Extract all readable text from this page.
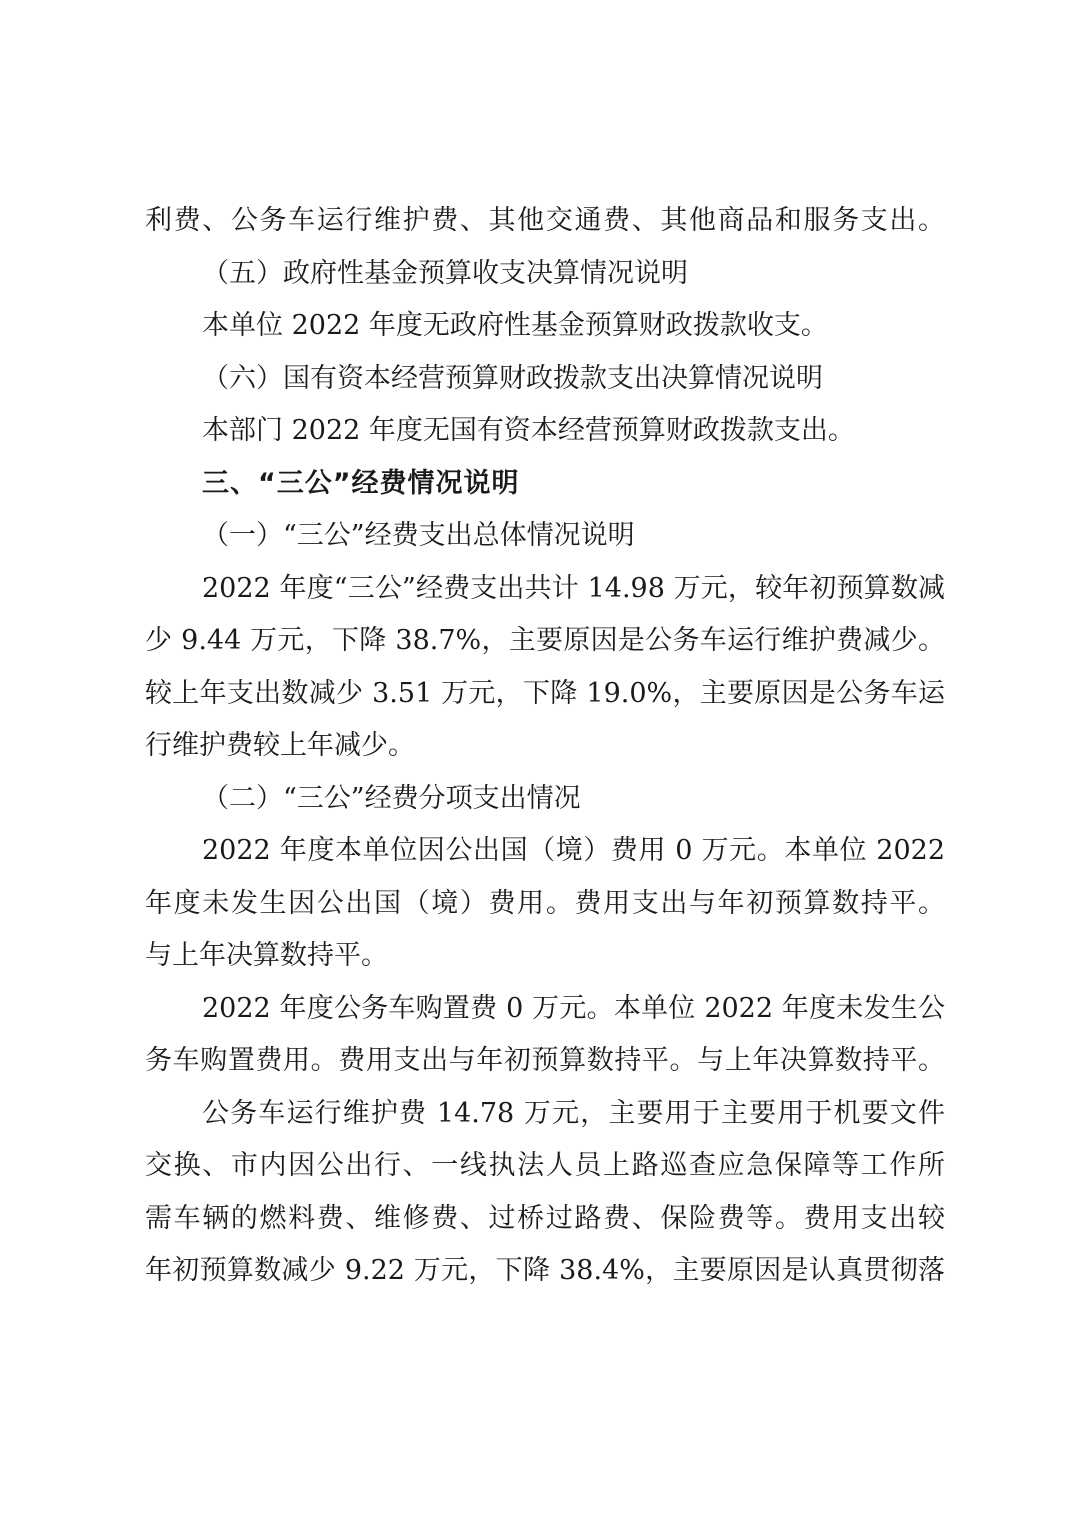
利费、公务车运行维护费、其他交通费、其他商品和服务支出。
（五）政府性基金预算收支决算情况说明
本单位 2022 年度无政府性基金预算财政拨款收支。
（六）国有资本经营预算财政拨款支出决算情况说明
本部门 2022 年度无国有资本经营预算财政拨款支出。
三、“三公”经费情况说明
（一）“三公”经费支出总体情况说明
2022 年度“三公”经费支出共计 14.98 万元，较年初预算数减
少 9.44 万元，下降 38.7%，主要原因是公务车运行维护费减少。
较上年支出数减少 3.51 万元，下降 19.0%，主要原因是公务车运
行维护费较上年减少。
（二）“三公”经费分项支出情况
2022 年度本单位因公出国（境）费用 0 万元。本单位 2022
年度未发生因公出国（境）费用。费用支出与年初预算数持平。
与上年决算数持平。
2022 年度公务车购置费 0 万元。本单位 2022 年度未发生公
务车购置费用。费用支出与年初预算数持平。与上年决算数持平。
公务车运行维护费 14.78 万元，主要用于主要用于机要文件
交换、市内因公出行、一线执法人员上路巡查应急保障等工作所
需车辆的燃料费、维修费、过桥过路费、保险费等。费用支出较
年初预算数减少 9.22 万元，下降 38.4%，主要原因是认真贯彻落
